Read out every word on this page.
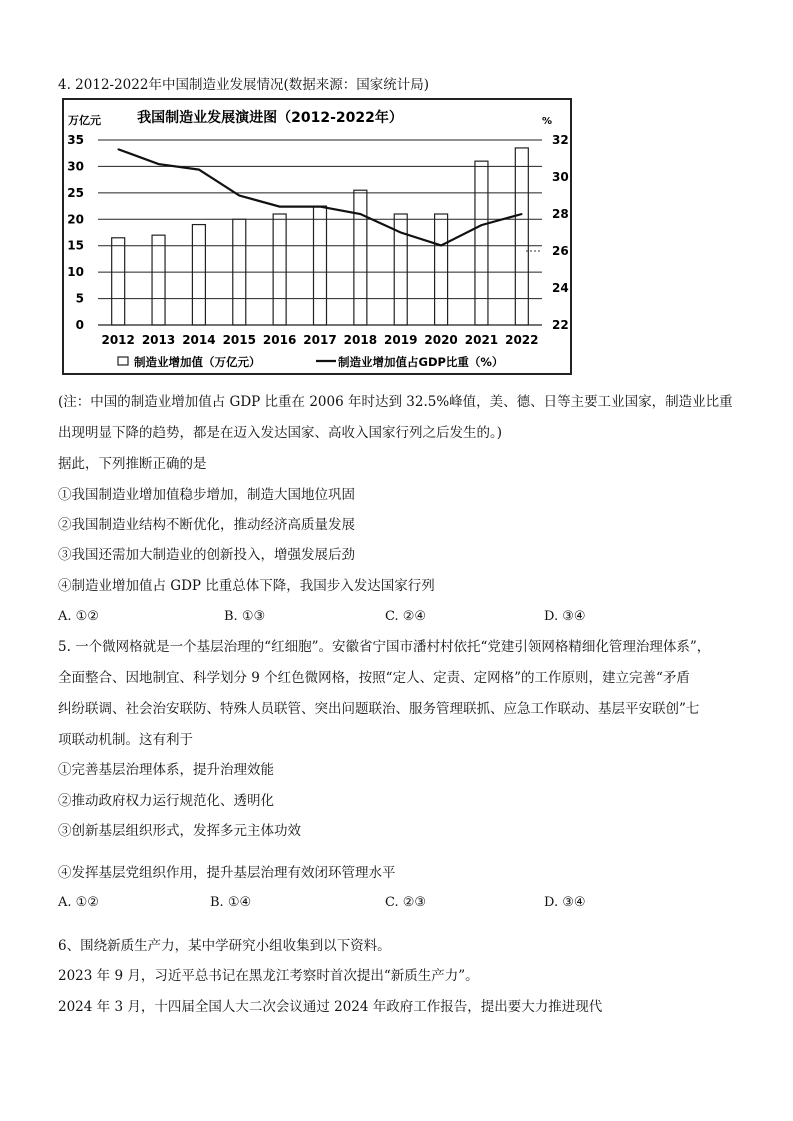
4. 2012-2022年中国制造业发展情况(数据来源：国家统计局)
我国制造业发展演进图（2012-2022年）
万亿元	%
0
5
10
15
20
25
30
35
22
24
26
28
30
32
2012 2013 2014 2015 2016 2017 2018 2019 2020 2021 2022
制造业增加值（万亿元）	制造业增加值占GDP比重（%）
(注：中国的制造业增加值占 GDP 比重在 2006 年时达到 32.5%峰值，美、德、日等主要工业国家，制造业比重
出现明显下降的趋势，都是在迈入发达国家、高收入国家行列之后发生的。)
据此，下列推断正确的是
①我国制造业增加值稳步增加，制造大国地位巩固
②我国制造业结构不断优化，推动经济高质量发展
③我国还需加大制造业的创新投入，增强发展后劲
④制造业增加值占 GDP 比重总体下降，我国步入发达国家行列
A. ①②	B. ①③	C. ②④	D. ③④
5. 一个微网格就是一个基层治理的“红细胞”。安徽省宁国市潘村村依托“党建引领网格精细化管理治理体系”，
全面整合、因地制宜、科学划分 9 个红色微网格，按照“定人、定责、定网格”的工作原则，建立完善“矛盾
纠纷联调、社会治安联防、特殊人员联管、突出问题联治、服务管理联抓、应急工作联动、基层平安联创”七
项联动机制。这有利于
①完善基层治理体系，提升治理效能
②推动政府权力运行规范化、透明化
③创新基层组织形式，发挥多元主体功效
④发挥基层党组织作用，提升基层治理有效闭环管理水平
A. ①②	B. ①④	C. ②③	D. ③④
6、围绕新质生产力，某中学研究小组收集到以下资料。
2023 年 9 月，习近平总书记在黑龙江考察时首次提出“新质生产力”。
2024 年 3 月，十四届全国人大二次会议通过 2024 年政府工作报告，提出要大力推进现代
